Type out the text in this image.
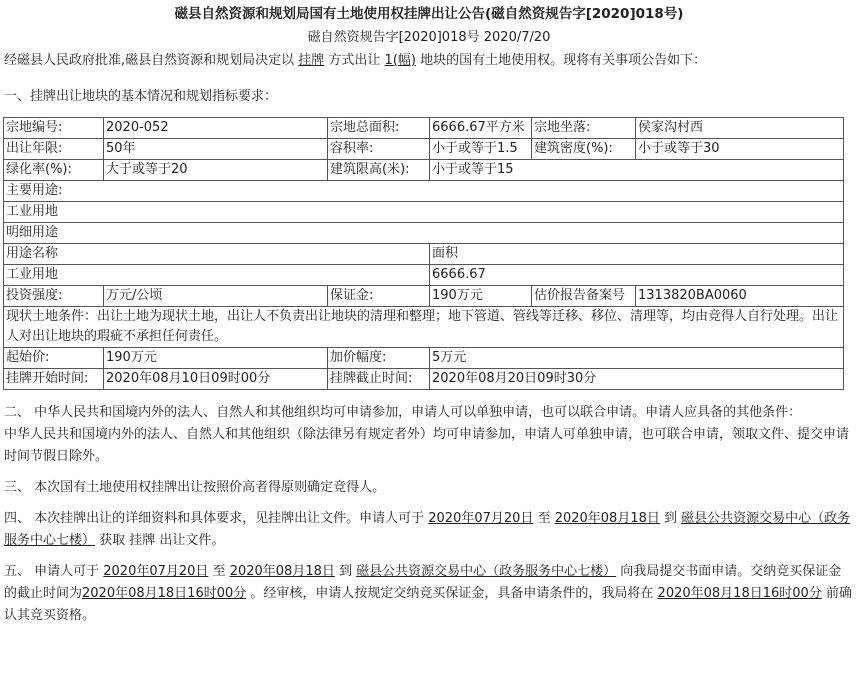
磁县自然资源和规划局国有土地使用权挂牌出让公告(磁自然资规告字[2020]018号)
磁自然资规告字[2020]018号 2020/7/20
经磁县人民政府批准,磁县自然资源和规划局决定以 挂牌 方式出让 1(幅) 地块的国有土地使用权。现将有关事项公告如下：
一、挂牌出让地块的基本情况和规划指标要求：
宗地编号:	2020-052	宗地总面积:	6666.67平方米	宗地坐落:	侯家沟村西
出让年限:	50年	容积率:	小于或等于1.5	建筑密度(%):	小于或等于30
绿化率(%):	大于或等于20	建筑限高(米):	小于或等于15		
主要用途:					
工业用地					
明细用途					
用途名称			面积		
工业用地			6666.67		
投资强度:	万元/公顷	保证金:	190万元	估价报告备案号	1313820BA0060
现状土地条件：出让土地为现状土地，出让人不负责出让地块的清理和整理；地下管道、管线等迁移、移位、清理等，均由竞得人自行处理。出让人对出让地块的瑕疵不承担任何责任。					
起始价:	190万元	加价幅度:	5万元		
挂牌开始时间:	2020年08月10日09时00分	挂牌截止时间:	2020年08月20日09时30分		
二、 中华人民共和国境内外的法人、自然人和其他组织均可申请参加，申请人可以单独申请，也可以联合申请。申请人应具备的其他条件：
中华人民共和国境内外的法人、自然人和其他组织（除法律另有规定者外）均可申请参加，申请人可单独申请，也可联合申请，领取文件、提交申请时间节假日除外。
三、 本次国有土地使用权挂牌出让按照价高者得原则确定竞得人。
四、 本次挂牌出让的详细资料和具体要求，见挂牌出让文件。申请人可于 2020年07月20日 至 2020年08月18日 到 磁县公共资源交易中心（政务服务中心七楼） 获取 挂牌 出让文件。
五、 申请人可于 2020年07月20日 至 2020年08月18日 到 磁县公共资源交易中心（政务服务中心七楼） 向我局提交书面申请。交纳竞买保证金的截止时间为2020年08月18日16时00分 。经审核，申请人按规定交纳竞买保证金，具备申请条件的，我局将在 2020年08月18日16时00分 前确认其竞买资格。
